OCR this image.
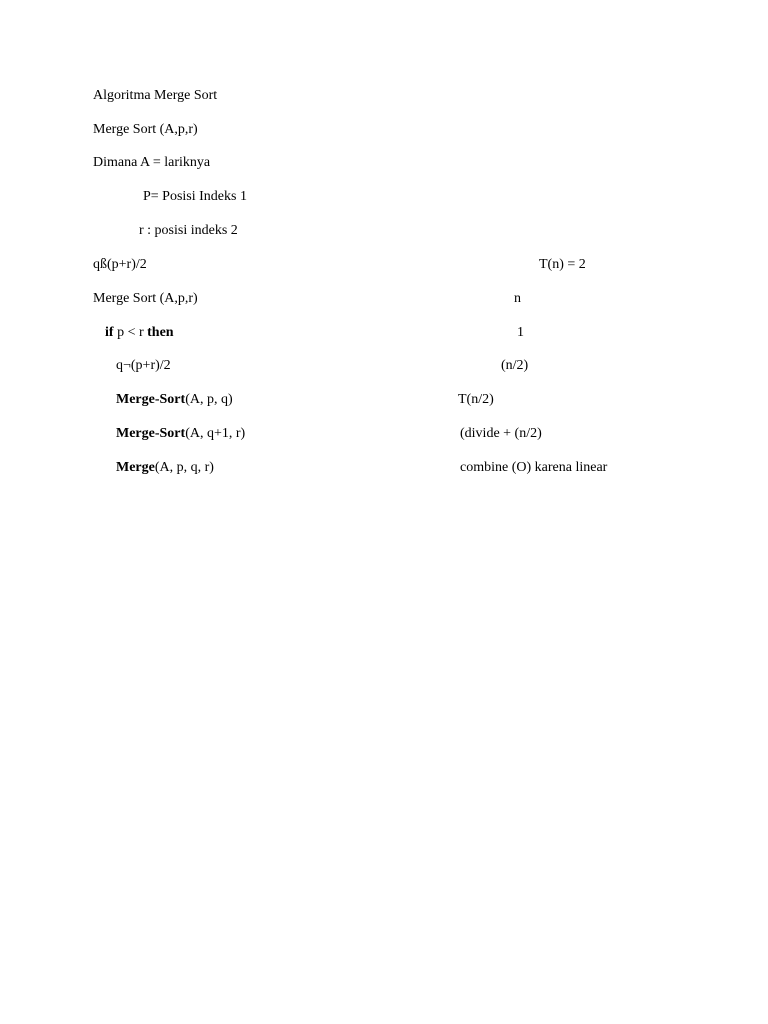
Algoritma Merge Sort
Merge Sort (A,p,r)
Dimana A = lariknya
P= Posisi Indeks 1
r : posisi indeks 2
qß(p+r)/2	T(n) = 2
Merge Sort (A,p,r)	n
if p < r then	1
q¬(p+r)/2	(n/2)
Merge-Sort(A, p, q)	T(n/2)
Merge-Sort(A, q+1, r)	(divide + (n/2)
Merge(A, p, q, r)	combine (O) karena linear
